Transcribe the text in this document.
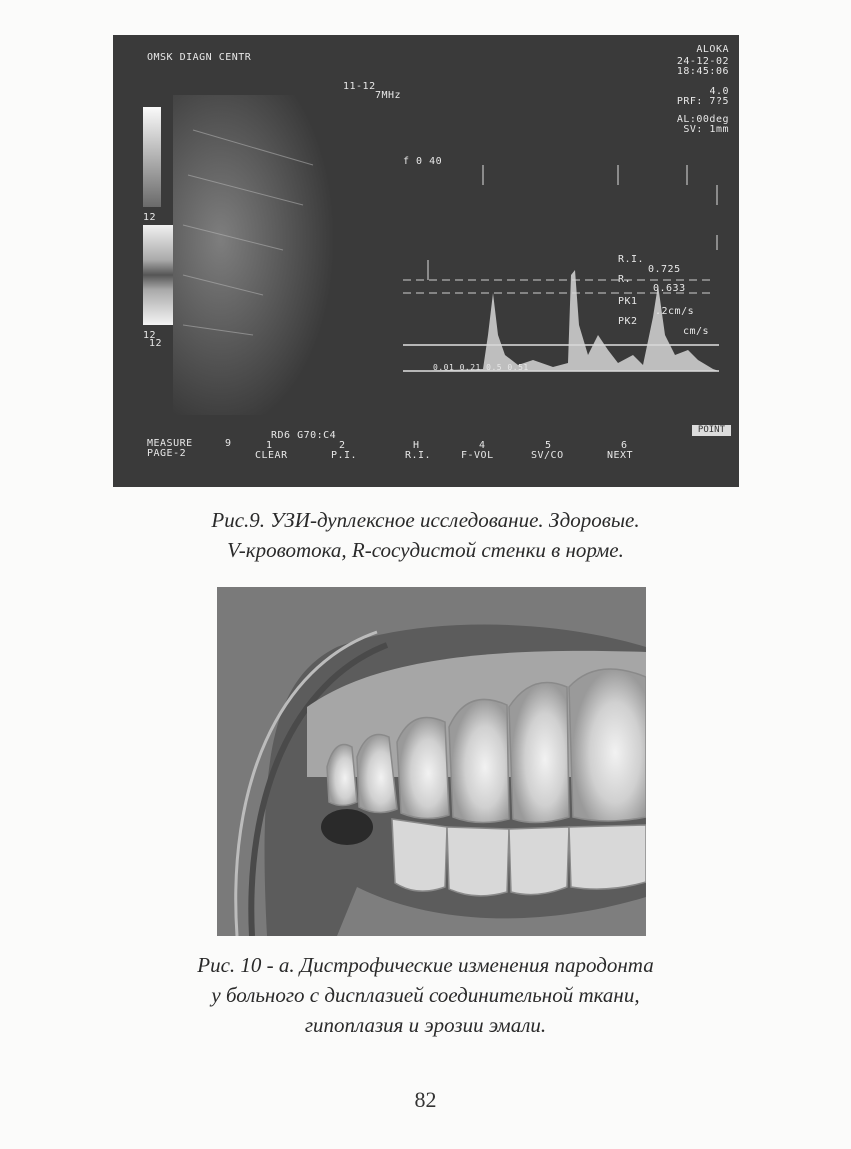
OMSK DIAGN CENTR
ALOKA
24-12-02
18:45:06
11-12
7MHz	4.0
PRF: 7?5
AL:00deg
SV: 1mm
12
12
12
f 0 40
R.I.
0.725
R.
0.633
PK1
.2cm/s
PK2
cm/s
0.01 0.21 0.5 0.51
POINT
RD6 G70:C4
MEASURE	9
PAGE-2
1
CLEAR
2
P.I.
H
R.I.
4
F-VOL
5
SV/CO
6
NEXT
Рис.9. УЗИ-дуплексное исследование. Здоровые.
V-кровотока, R-сосудистой стенки в норме.
Рис. 10 - а. Дистрофические изменения пародонта
у больного с дисплазией соединительной ткани,
гипоплазия и эрозии эмали.
82
